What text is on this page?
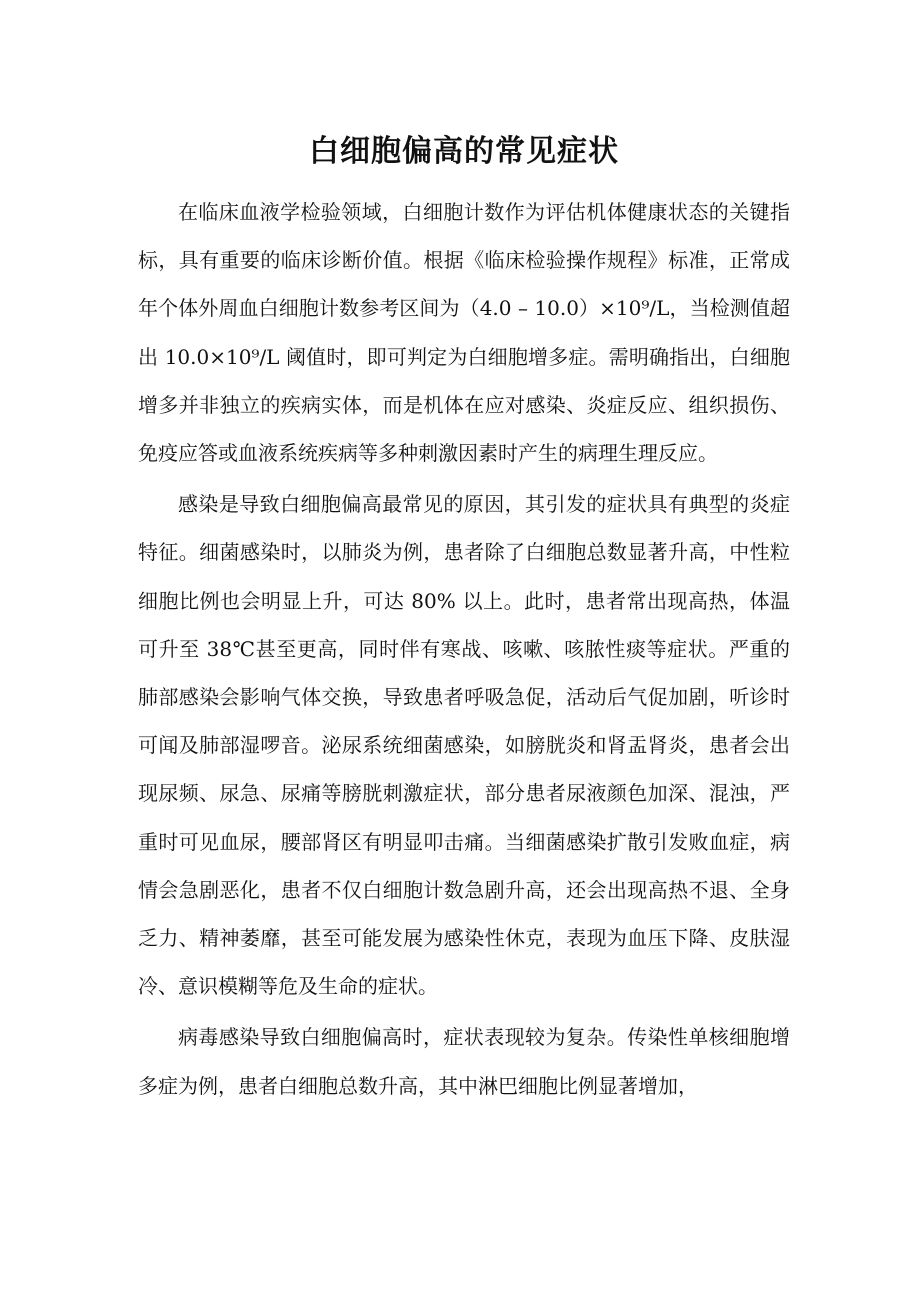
白细胞偏高的常见症状

在临床血液学检验领域，白细胞计数作为评估机体健康状态的关键指标，具有重要的临床诊断价值。根据《临床检验操作规程》标准，正常成年个体外周血白细胞计数参考区间为（4.0 – 10.0）×10⁹/L，当检测值超出 10.0×10⁹/L 阈值时，即可判定为白细胞增多症。需明确指出，白细胞增多并非独立的疾病实体，而是机体在应对感染、炎症反应、组织损伤、免疫应答或血液系统疾病等多种刺激因素时产生的病理生理反应。

感染是导致白细胞偏高最常见的原因，其引发的症状具有典型的炎症特征。细菌感染时，以肺炎为例，患者除了白细胞总数显著升高，中性粒细胞比例也会明显上升，可达 80% 以上。此时，患者常出现高热，体温可升至 38℃甚至更高，同时伴有寒战、咳嗽、咳脓性痰等症状。严重的肺部感染会影响气体交换，导致患者呼吸急促，活动后气促加剧，听诊时可闻及肺部湿啰音。泌尿系统细菌感染，如膀胱炎和肾盂肾炎，患者会出现尿频、尿急、尿痛等膀胱刺激症状，部分患者尿液颜色加深、混浊，严重时可见血尿，腰部肾区有明显叩击痛。当细菌感染扩散引发败血症，病情会急剧恶化，患者不仅白细胞计数急剧升高，还会出现高热不退、全身乏力、精神萎靡，甚至可能发展为感染性休克，表现为血压下降、皮肤湿冷、意识模糊等危及生命的症状。

病毒感染导致白细胞偏高时，症状表现较为复杂。传染性单核细胞增多症为例，患者白细胞总数升高，其中淋巴细胞比例显著增加，
